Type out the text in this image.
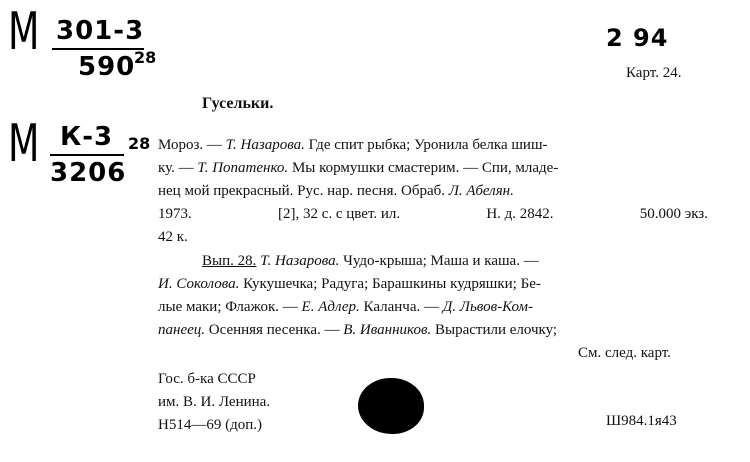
М 301-3
590
28
М К-3
3206
28
2 94
Карт. 24.
Гусельки.
Мороз. — Т. Назарова. Где спит рыбка; Уронила белка шиш-
ку. — Т. Попатенко. Мы кормушки смастерим. — Спи, младе-
нец мой прекрасный. Рус. нар. песня. Обраб. Л. Абелян.
1973.	[2], 32 с. с цвет. ил.	Н. д. 2842.	50.000 экз.
42 к.
Вып. 28. Т. Назарова. Чудо-крыша; Маша и каша. —
И. Соколова. Кукушечка; Радуга; Барашкины кудряшки; Бе-
лые маки; Флажок. — Е. Адлер. Каланча. — Д. Львов-Ком-
панеец. Осенняя песенка. — В. Иванников. Вырастили елочку;
См. след. карт.
Гос. б-ка СССР
им. В. И. Ленина.
Н514—69 (доп.)	Ш984.1я43
